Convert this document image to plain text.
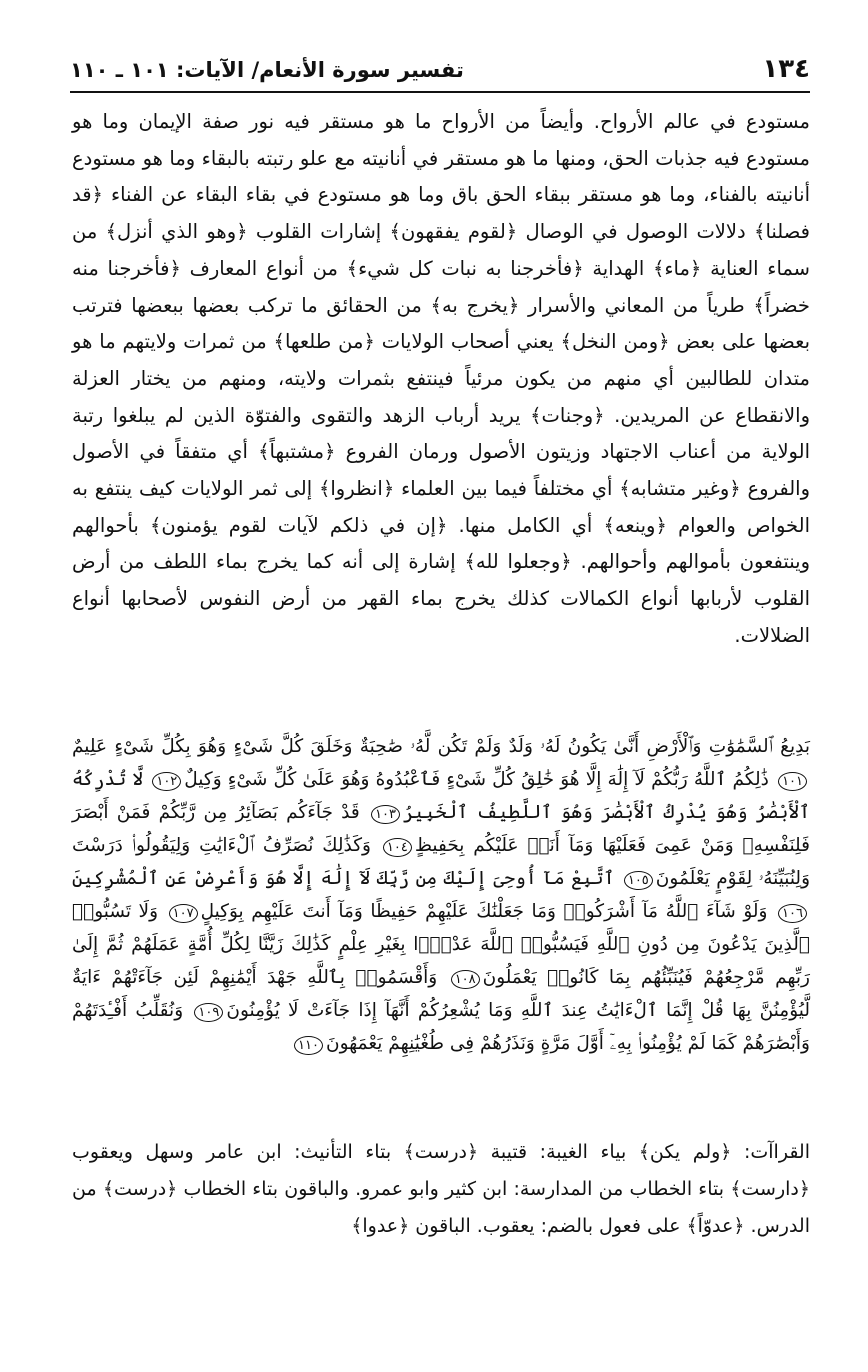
١٣٤
تفسير سورة الأنعام/ الآيات: ١٠١ ـ ١١٠

مستودع في عالم الأرواح. وأيضاً من الأرواح ما هو مستقر فيه نور صفة الإيمان وما هو مستودع فيه جذبات الحق، ومنها ما هو مستقر في أنانيته مع علو رتبته بالبقاء وما هو مستودع أنانيته بالفناء، وما هو مستقر ببقاء الحق باق وما هو مستودع في بقاء البقاء عن الفناء ﴿قد فصلنا﴾ دلالات الوصول في الوصال ﴿لقوم يفقهون﴾ إشارات القلوب ﴿وهو الذي أنزل﴾ من سماء العناية ﴿ماء﴾ الهداية ﴿فأخرجنا به نبات كل شيء﴾ من أنواع المعارف ﴿فأخرجنا منه خضراً﴾ طرياً من المعاني والأسرار ﴿يخرج به﴾ من الحقائق ما تركب بعضها ببعضها فترتب بعضها على بعض ﴿ومن النخل﴾ يعني أصحاب الولايات ﴿من طلعها﴾ من ثمرات ولايتهم ما هو متدان للطالبين أي منهم من يكون مرئياً فينتفع بثمرات ولايته، ومنهم من يختار العزلة والانقطاع عن المريدين. ﴿وجنات﴾ يريد أرباب الزهد والتقوى والفتوّة الذين لم يبلغوا رتبة الولاية من أعناب الاجتهاد وزيتون الأصول ورمان الفروع ﴿مشتبهاً﴾ أي متفقاً في الأصول والفروع ﴿وغير متشابه﴾ أي مختلفاً فيما بين العلماء ﴿انظروا﴾ إلى ثمر الولايات كيف ينتفع به الخواص والعوام ﴿وينعه﴾ أي الكامل منها. ﴿إن في ذلكم لآيات لقوم يؤمنون﴾ بأحوالهم وينتفعون بأموالهم وأحوالهم. ﴿وجعلوا لله﴾ إشارة إلى أنه كما يخرج بماء اللطف من أرض القلوب لأربابها أنواع الكمالات كذلك يخرج بماء القهر من أرض النفوس لأصحابها أنواع الضلالات.

بَدِيعُ ٱلسَّمَٰوَٰتِ وَٱلْأَرْضِ أَنَّىٰ يَكُونُ لَهُۥ وَلَدٌ وَلَمْ تَكُن لَّهُۥ صَٰحِبَةٌ وَخَلَقَ كُلَّ شَىْءٍ وَهُوَ بِكُلِّ شَىْءٍ عَلِيمٌ١٠١ ذَٰلِكُمُ ٱللَّهُ رَبُّكُمْ لَآ إِلَٰهَ إِلَّا هُوَ خَٰلِقُ كُلِّ شَىْءٍ فَٱعْبُدُوهُ وَهُوَ عَلَىٰ كُلِّ شَىْءٍ وَكِيلٌ١٠٢ لَّا تُدْرِكُهُ ٱلْأَبْصَٰرُ وَهُوَ يُدْرِكُ ٱلْأَبْصَٰرَ وَهُوَ ٱللَّطِيفُ ٱلْخَبِيرُ١٠٣ قَدْ جَآءَكُم بَصَآئِرُ مِن رَّبِّكُمْ فَمَنْ أَبْصَرَ فَلِنَفْسِهِۦ وَمَنْ عَمِىَ فَعَلَيْهَا وَمَآ أَنَا۠ عَلَيْكُم بِحَفِيظٍ١٠٤ وَكَذَٰلِكَ نُصَرِّفُ ٱلْءَايَٰتِ وَلِيَقُولُوا۟ دَرَسْتَ وَلِنُبَيِّنَهُۥ لِقَوْمٍ يَعْلَمُونَ١٠٥ ٱتَّبِعْ مَآ أُوحِىَ إِلَيْكَ مِن رَّبِّكَ لَآ إِلَٰهَ إِلَّا هُوَ وَأَعْرِضْ عَنِ ٱلْمُشْرِكِينَ١٠٦ وَلَوْ شَآءَ ٱللَّهُ مَآ أَشْرَكُوا۟ وَمَا جَعَلْنَٰكَ عَلَيْهِمْ حَفِيظًا وَمَآ أَنتَ عَلَيْهِم بِوَكِيلٍ١٠٧ وَلَا تَسُبُّوا۟ ٱلَّذِينَ يَدْعُونَ مِن دُونِ ٱللَّهِ فَيَسُبُّوا۟ ٱللَّهَ عَدْوًۢا بِغَيْرِ عِلْمٍ كَذَٰلِكَ زَيَّنَّا لِكُلِّ أُمَّةٍ عَمَلَهُمْ ثُمَّ إِلَىٰ رَبِّهِم مَّرْجِعُهُمْ فَيُنَبِّئُهُم بِمَا كَانُوا۟ يَعْمَلُونَ١٠٨ وَأَقْسَمُوا۟ بِٱللَّهِ جَهْدَ أَيْمَٰنِهِمْ لَئِن جَآءَتْهُمْ ءَايَةٌ لَّيُؤْمِنُنَّ بِهَا قُلْ إِنَّمَا ٱلْءَايَٰتُ عِندَ ٱللَّهِ وَمَا يُشْعِرُكُمْ أَنَّهَآ إِذَا جَآءَتْ لَا يُؤْمِنُونَ١٠٩ وَنُقَلِّبُ أَفْـِٔدَتَهُمْ وَأَبْصَٰرَهُمْ كَمَا لَمْ يُؤْمِنُوا۟ بِهِۦٓ أَوَّلَ مَرَّةٍ وَنَذَرُهُمْ فِى طُغْيَٰنِهِمْ يَعْمَهُونَ١١٠

القراآت: ﴿ولم يكن﴾ بياء الغيبة: قتيبة ﴿درست﴾ بتاء التأنيث: ابن عامر وسهل ويعقوب ﴿دارست﴾ بتاء الخطاب من المدارسة: ابن كثير وابو عمرو. والباقون بتاء الخطاب ﴿درست﴾ من الدرس. ﴿عدوّاً﴾ على فعول بالضم: يعقوب. الباقون ﴿عدوا﴾
